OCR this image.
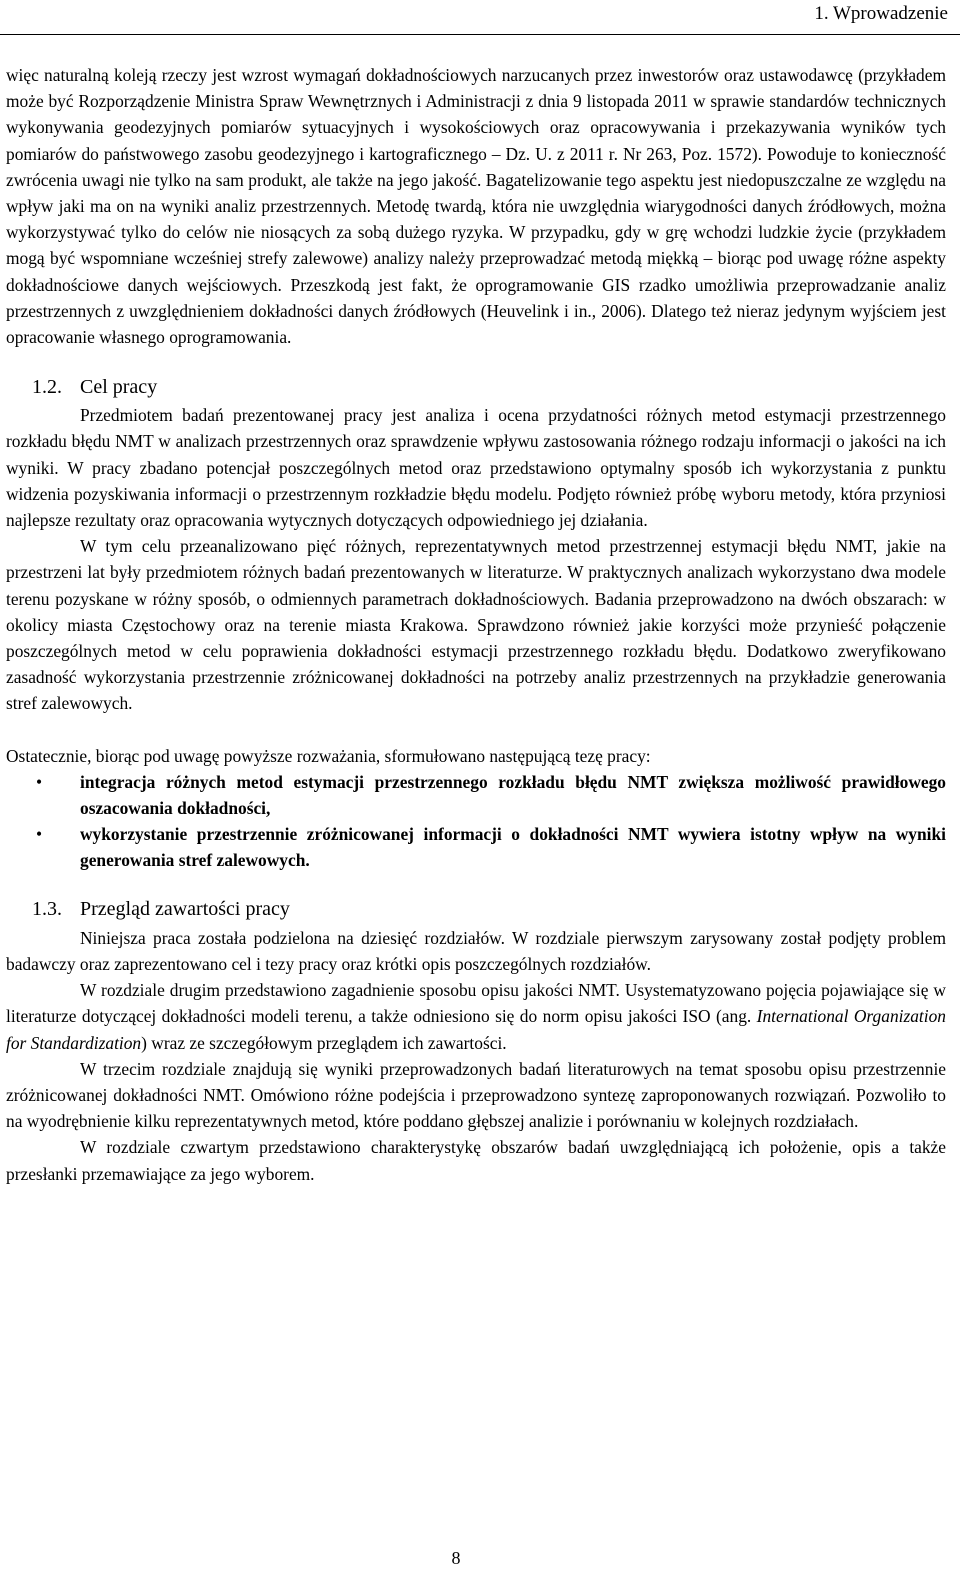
1. Wprowadzenie

więc naturalną koleją rzeczy jest wzrost wymagań dokładnościowych narzucanych przez inwestorów oraz ustawodawcę (przykładem może być Rozporządzenie Ministra Spraw Wewnętrznych i Administracji z dnia 9 listopada 2011 w sprawie standardów technicznych wykonywania geodezyjnych pomiarów sytuacyjnych i wysokościowych oraz opracowywania i przekazywania wyników tych pomiarów do państwowego zasobu geodezyjnego i kartograficznego – Dz. U. z 2011 r. Nr 263, Poz. 1572). Powoduje to konieczność zwrócenia uwagi nie tylko na sam produkt, ale także na jego jakość. Bagatelizowanie tego aspektu jest niedopuszczalne ze względu na wpływ jaki ma on na wyniki analiz przestrzennych. Metodę twardą, która nie uwzględnia wiarygodności danych źródłowych, można wykorzystywać tylko do celów nie niosących za sobą dużego ryzyka. W przypadku, gdy w grę wchodzi ludzkie życie (przykładem mogą być wspomniane wcześniej strefy zalewowe) analizy należy przeprowadzać metodą miękką – biorąc pod uwagę różne aspekty dokładnościowe danych wejściowych. Przeszkodą jest fakt, że oprogramowanie GIS rzadko umożliwia przeprowadzanie analiz przestrzennych z uwzględnieniem dokładności danych źródłowych (Heuvelink i in., 2006). Dlatego też nieraz jedynym wyjściem jest opracowanie własnego oprogramowania.

1.2. Cel pracy

Przedmiotem badań prezentowanej pracy jest analiza i ocena przydatności różnych metod estymacji przestrzennego rozkładu błędu NMT w analizach przestrzennych oraz sprawdzenie wpływu zastosowania różnego rodzaju informacji o jakości na ich wyniki. W pracy zbadano potencjał poszczególnych metod oraz przedstawiono optymalny sposób ich wykorzystania z punktu widzenia pozyskiwania informacji o przestrzennym rozkładzie błędu modelu. Podjęto również próbę wyboru metody, która przyniosi najlepsze rezultaty oraz opracowania wytycznych dotyczących odpowiedniego jej działania.

W tym celu przeanalizowano pięć różnych, reprezentatywnych metod przestrzennej estymacji błędu NMT, jakie na przestrzeni lat były przedmiotem różnych badań prezentowanych w literaturze. W praktycznych analizach wykorzystano dwa modele terenu pozyskane w różny sposób, o odmiennych parametrach dokładnościowych. Badania przeprowadzono na dwóch obszarach: w okolicy miasta Częstochowy oraz na terenie miasta Krakowa. Sprawdzono również jakie korzyści może przynieść połączenie poszczególnych metod w celu poprawienia dokładności estymacji przestrzennego rozkładu błędu. Dodatkowo zweryfikowano zasadność wykorzystania przestrzennie zróżnicowanej dokładności na potrzeby analiz przestrzennych na przykładzie generowania stref zalewowych.

Ostatecznie, biorąc pod uwagę powyższe rozważania, sformułowano następującą tezę pracy:

• integracja różnych metod estymacji przestrzennego rozkładu błędu NMT zwiększa możliwość prawidłowego oszacowania dokładności,
• wykorzystanie przestrzennie zróżnicowanej informacji o dokładności NMT wywiera istotny wpływ na wyniki generowania stref zalewowych.
1.3. Przegląd zawartości pracy

Niniejsza praca została podzielona na dziesięć rozdziałów. W rozdziale pierwszym zarysowany został podjęty problem badawczy oraz zaprezentowano cel i tezy pracy oraz krótki opis poszczególnych rozdziałów.

W rozdziale drugim przedstawiono zagadnienie sposobu opisu jakości NMT. Usystematyzowano pojęcia pojawiające się w literaturze dotyczącej dokładności modeli terenu, a także odniesiono się do norm opisu jakości ISO (ang. International Organization for Standardization) wraz ze szczegółowym przeglądem ich zawartości.

W trzecim rozdziale znajdują się wyniki przeprowadzonych badań literaturowych na temat sposobu opisu przestrzennie zróżnicowanej dokładności NMT. Omówiono różne podejścia i przeprowadzono syntezę zaproponowanych rozwiązań. Pozwoliło to na wyodrębnienie kilku reprezentatywnych metod, które poddano głębszej analizie i porównaniu w kolejnych rozdziałach.

W rozdziale czwartym przedstawiono charakterystykę obszarów badań uwzględniającą ich położenie, opis a także przesłanki przemawiające za jego wyborem.

8
